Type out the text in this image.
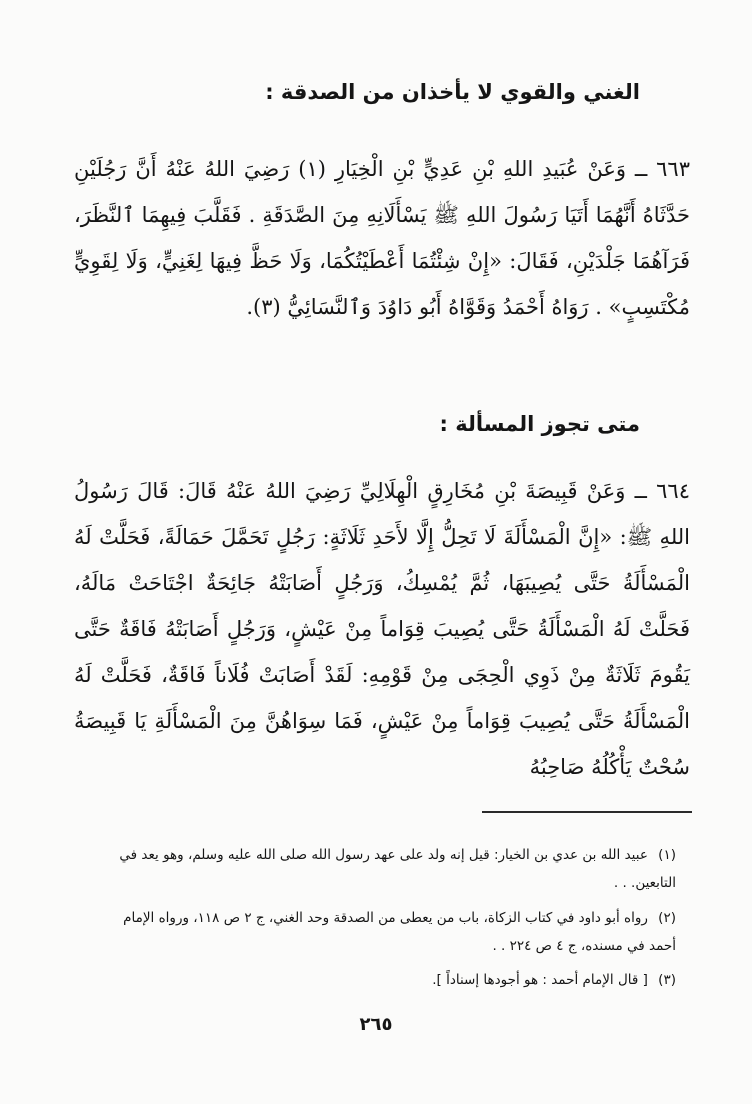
الغني والقوي لا يأخذان من الصدقة :
٦٦٣ ــ وَعَنْ عُبَيدِ اللهِ بْنِ عَدِيٍّ بْنِ الْخِيَارِ (١) رَضِيَ اللهُ عَنْهُ أَنَّ رَجُلَيْنِ حَدَّثَاهُ أَنَّهُمَا أَتَيَا رَسُولَ اللهِ ﷺ يَسْأَلَانِهِ مِنَ الصَّدَقَةِ . فَقَلَّبَ فِيهِمَا ٱلنَّظَرَ، فَرَآهُمَا جَلْدَيْنِ، فَقَالَ: «إِنْ شِئْتُمَا أَعْطَيْتُكُمَا، وَلَا حَظَّ فِيهَا لِغَنِيٍّ، وَلَا لِقَوِيٍّ مُكْتَسِبٍ» . رَوَاهُ أَحْمَدُ وَقَوَّاهُ أَبُو دَاوُدَ وَٱلنَّسَائِيُّ (٣).
متى تجوز المسألة :
٦٦٤ ــ وَعَنْ قَبِيصَةَ بْنِ مُخَارِقٍ الْهِلَالِيِّ رَضِيَ اللهُ عَنْهُ قَالَ: قَالَ رَسُولُ اللهِ ﷺ: «إِنَّ الْمَسْأَلَةَ لَا تَحِلُّ إِلَّا لأَحَدِ ثَلَاثَةٍ: رَجُلٍ تَحَمَّلَ حَمَالَةً، فَحَلَّتْ لَهُ الْمَسْأَلَةُ حَتَّى يُصِيبَهَا، ثُمَّ يُمْسِكُ، وَرَجُلٍ أَصَابَتْهُ جَائِحَةٌ اجْتَاحَتْ مَالَهُ، فَحَلَّتْ لَهُ الْمَسْأَلَةُ حَتَّى يُصِيبَ قِوَاماً مِنْ عَيْشٍ، وَرَجُلٍ أَصَابَتْهُ فَاقَةٌ حَتَّى يَقُومَ ثَلَاثَةٌ مِنْ ذَوِي الْحِجَى مِنْ قَوْمِهِ: لَقَدْ أَصَابَتْ فُلَاناً فَاقَةٌ، فَحَلَّتْ لَهُ الْمَسْأَلَةُ حَتَّى يُصِيبَ قِوَاماً مِنْ عَيْشٍ، فَمَا سِوَاهُنَّ مِنَ الْمَسْأَلَةِ يَا قَبِيصَةُ سُحْتٌ يَأْكُلُهُ صَاحِبُهُ
(١) عبيد الله بن عدي بن الخيار: قيل إنه ولد على عهد رسول الله صلى الله عليه وسلم، وهو يعد في التابعين. . .
(٢) رواه أبو داود في كتاب الزكاة، باب من يعطى من الصدقة وحد الغني، ج ٢ ص ١١٨، ورواه الإمام أحمد في مسنده، ج ٤ ص ٢٢٤ . .
(٣) [ قال الإمام أحمد : هو أجودها إسناداً ].
٢٦٥
